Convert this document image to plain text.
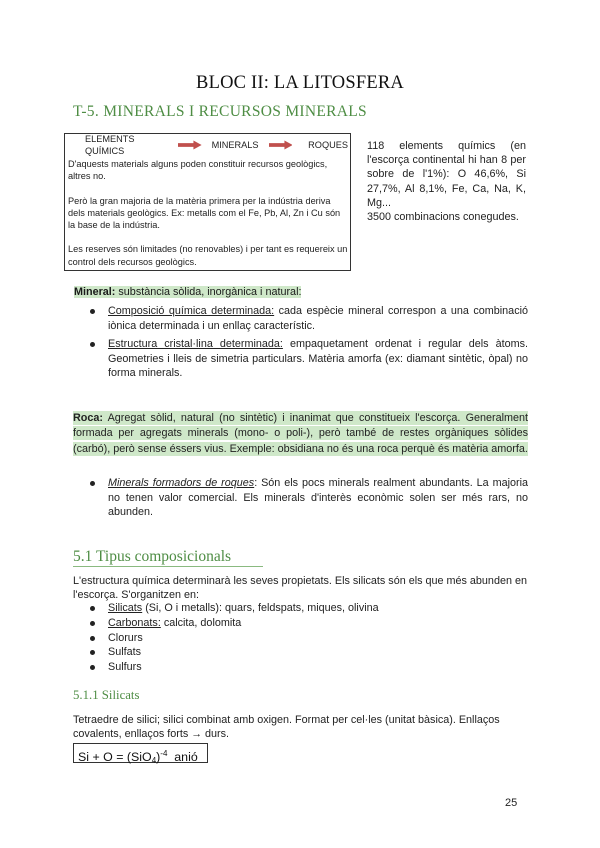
BLOC II: LA LITOSFERA
T-5. MINERALS I RECURSOS MINERALS
ELEMENTS QUÍMICS
MINERALS	ROQUES

D'aquests materials alguns poden constituir recursos geològics, altres no.

Però la gran majoria de la matèria primera per la indústria deriva dels materials geològics. Ex: metalls com el Fe, Pb, Al, Zn i Cu són la base de la indústria.

Les reserves són limitades (no renovables) i per tant es requereix un control dels recursos geològics.

118 elements químics (en l'escorça continental hi han 8 per sobre de l'1%): O 46,6%, Si 27,7%, Al 8,1%, Fe, Ca, Na, K, Mg...
3500 combinacions conegudes.
Mineral: substància sòlida, inorgànica i natural:
Composició química determinada: cada espècie mineral correspon a una combinació iònica determinada i un enllaç característic.
Estructura cristal·lina determinada: empaquetament ordenat i regular dels àtoms. Geometries i lleis de simetria particulars. Matèria amorfa (ex: diamant sintètic, òpal) no forma minerals.
Roca: Agregat sòlid, natural (no sintètic) i inanimat que constitueix l'escorça. Generalment formada per agregats minerals (mono- o poli-), però també de restes orgàniques sòlides (carbó), però sense éssers vius. Exemple: obsidiana no és una roca perquè és matèria amorfa.
Minerals formadors de roques: Són els pocs minerals realment abundants. La majoria no tenen valor comercial. Els minerals d'interès econòmic solen ser més rars, no abunden.
5.1 Tipus composicionals
L'estructura química determinarà les seves propietats. Els silicats són els que més abunden en l'escorça. S'organitzen en:
Silicats (Si, O i metalls): quars, feldspats, miques, olivina
Carbonats: calcita, dolomita
Clorurs
Sulfats
Sulfurs
5.1.1 Silicats
Tetraedre de silici; silici combinat amb oxigen. Format per cel·les (unitat bàsica). Enllaços covalents, enllaços forts → durs.
$Si + O = (SiO_4)^{-4}$  anió
25
